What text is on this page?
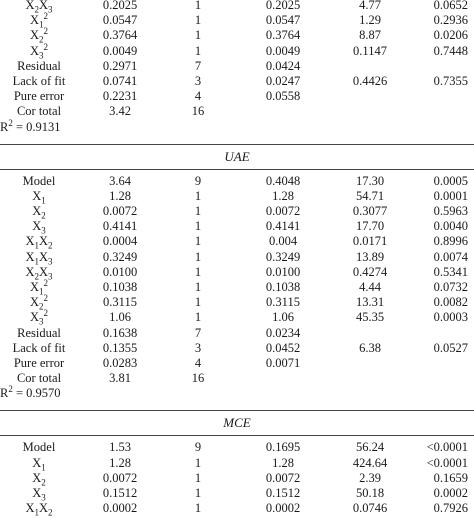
$X_2X_3$	0.2025	1	0.2025	4.77	0.0652
$X_1^2$	0.0547	1	0.0547	1.29	0.2936
$X_2^2$	0.3764	1	0.3764	8.87	0.0206
$X_3^2$	0.0049	1	0.0049	0.1147	0.7448
Residual	0.2971	7	0.0424
Lack of fit	0.0741	3	0.0247	0.4426	0.7355
Pure error	0.2231	4	0.0558
Cor total	3.42	16
$R^2 = 0.9131$
UAE
Model	3.64	9	0.4048	17.30	0.0005
$X_1$	1.28	1	1.28	54.71	0.0001
$X_2$	0.0072	1	0.0072	0.3077	0.5963
$X_3$	0.4141	1	0.4141	17.70	0.0040
$X_1X_2$	0.0004	1	0.004	0.0171	0.8996
$X_1X_3$	0.3249	1	0.3249	13.89	0.0074
$X_2X_3$	0.0100	1	0.0100	0.4274	0.5341
$X_1^2$	0.1038	1	0.1038	4.44	0.0732
$X_2^2$	0.3115	1	0.3115	13.31	0.0082
$X_3^2$	1.06	1	1.06	45.35	0.0003
Residual	0.1638	7	0.0234
Lack of fit	0.1355	3	0.0452	6.38	0.0527
Pure error	0.0283	4	0.0071
Cor total	3.81	16
$R^2 = 0.9570$
MCE
Model	1.53	9	0.1695	56.24	<0.0001
$X_1$	1.28	1	1.28	424.64	<0.0001
$X_2$	0.0072	1	0.0072	2.39	0.1659
$X_3$	0.1512	1	0.1512	50.18	0.0002
$X_1X_2$	0.0002	1	0.0002	0.0746	0.7926
